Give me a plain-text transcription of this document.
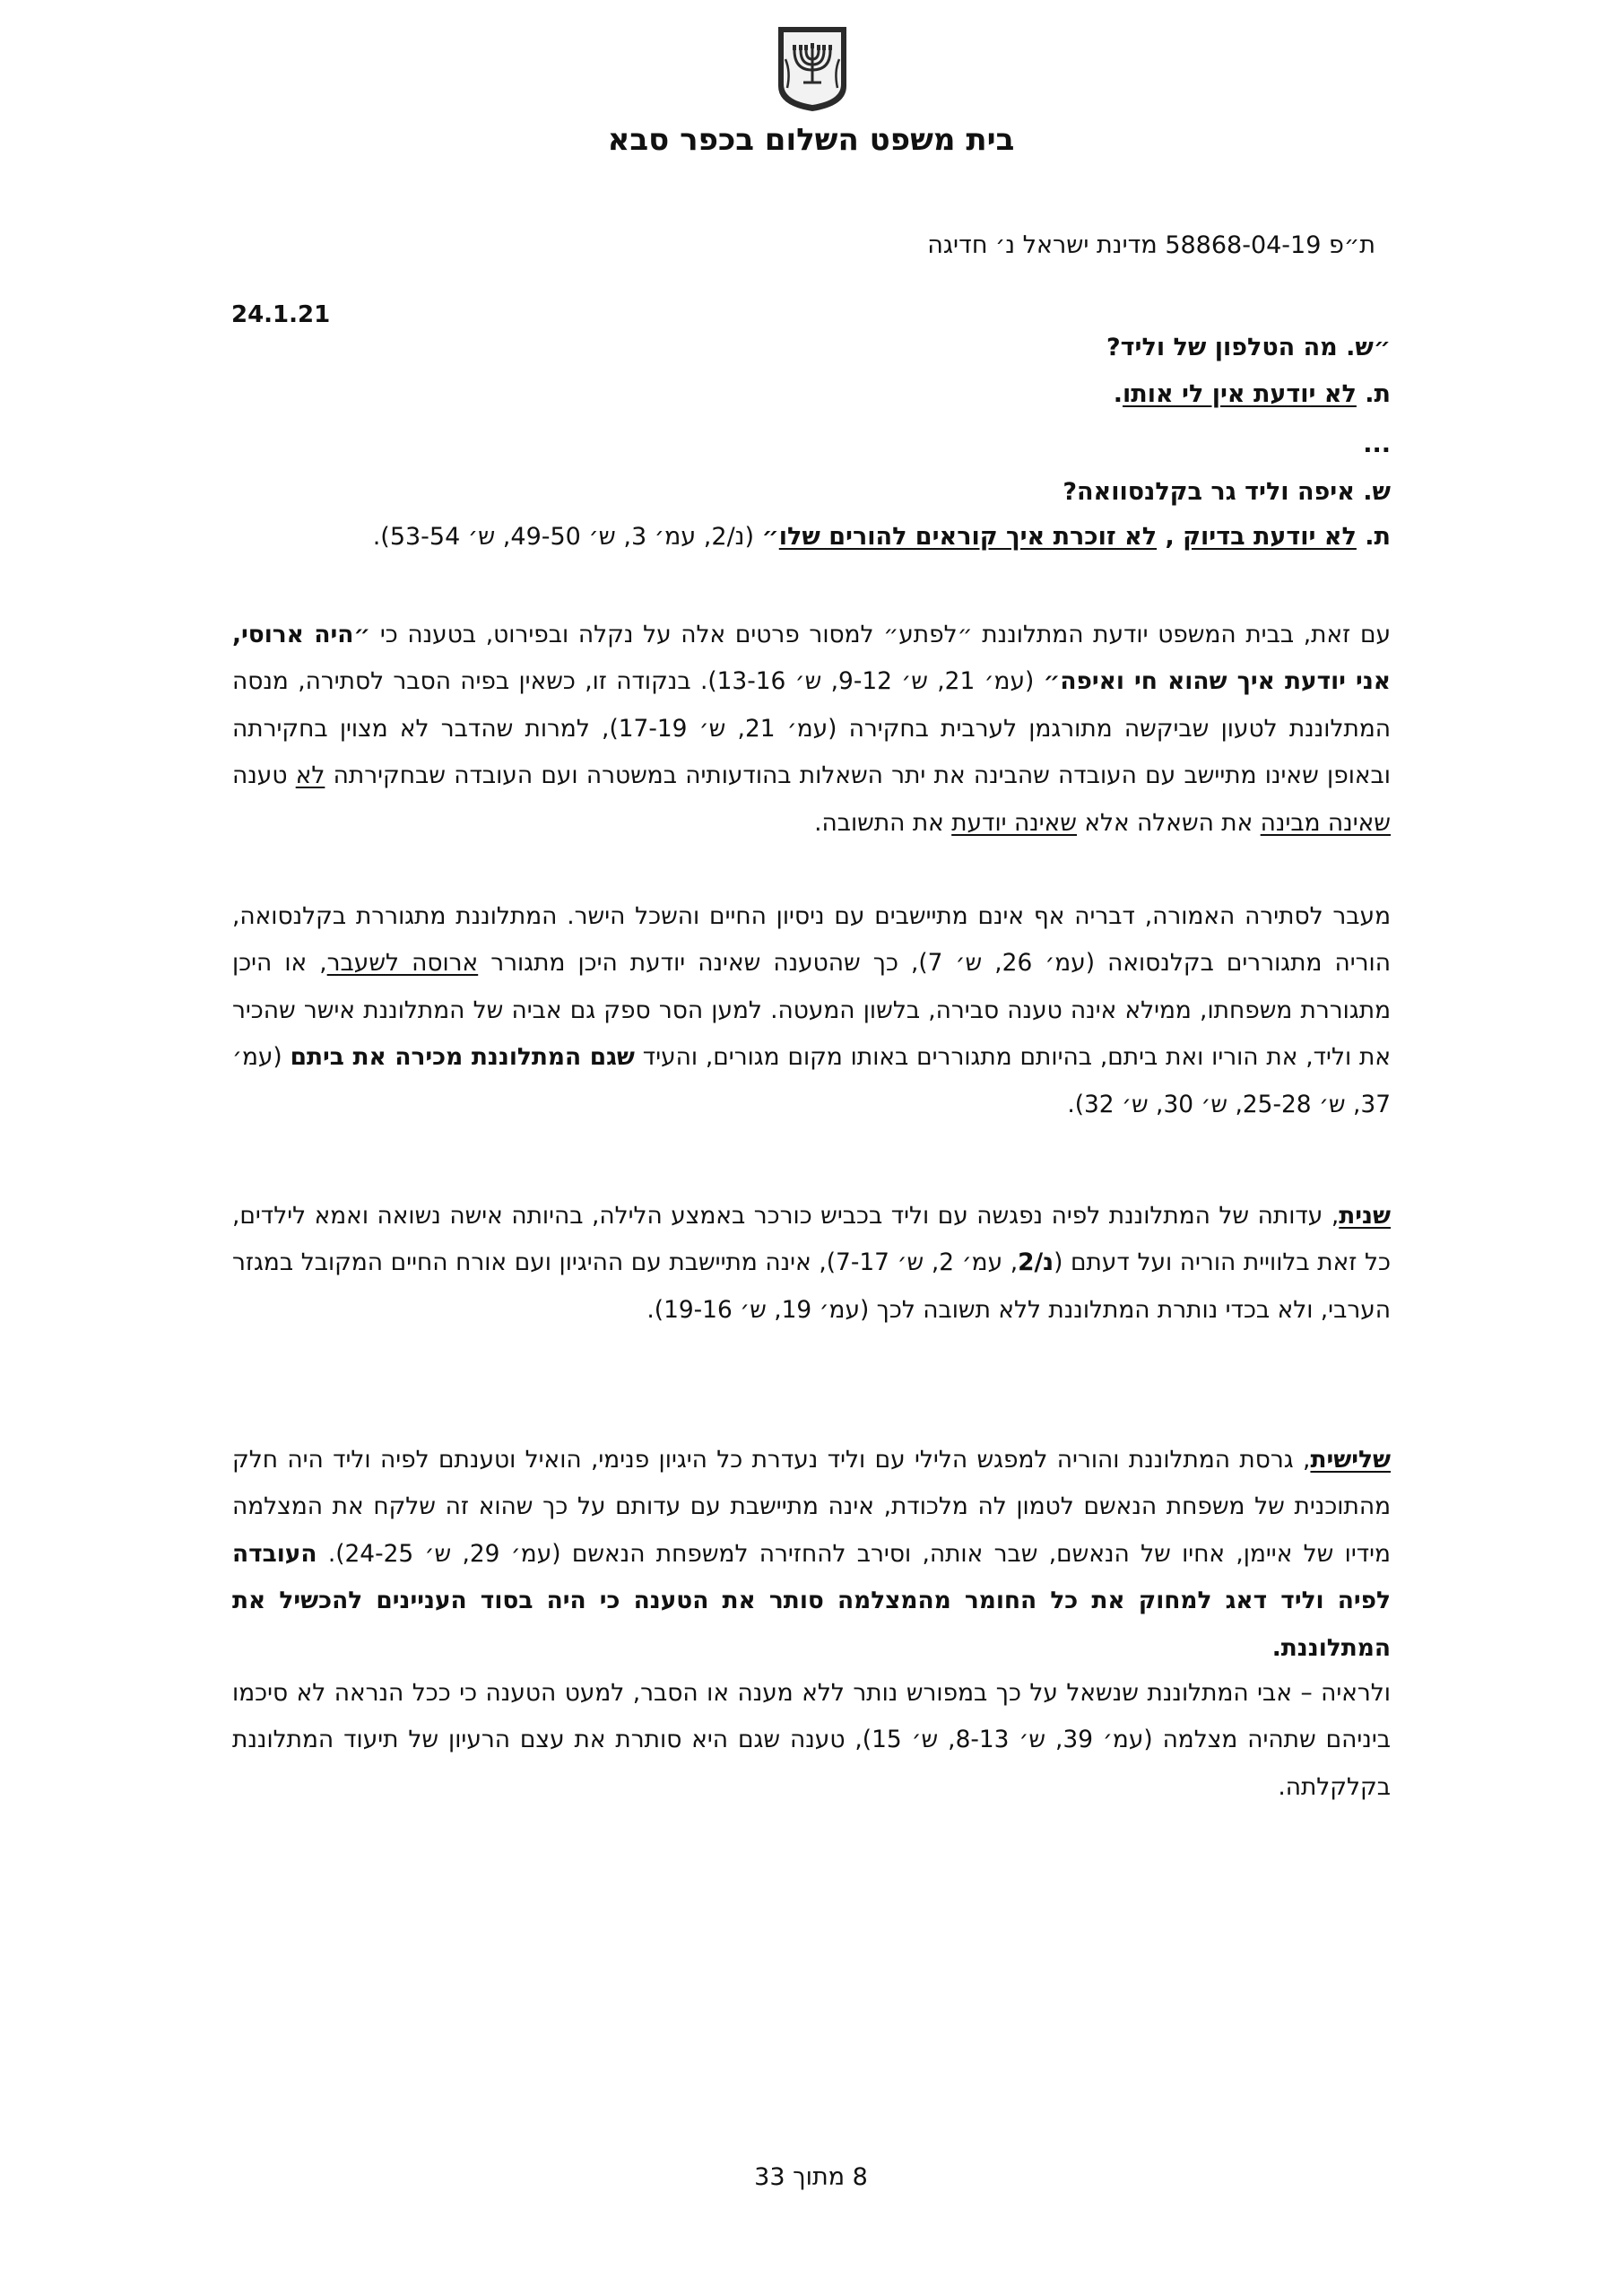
בית משפט השלום בכפר סבא
ת״פ 58868-04-19 מדינת ישראל נ׳ חדיגה
24.1.21
״ש. מה הטלפון של וליד?
ת. לא יודעת אין לי אותו.
...
ש. איפה וליד גר בקלנסוואה?
ת. לא יודעת בדיוק , לא זוכרת איך קוראים להורים שלו״ (נ/2, עמ׳ 3, ש׳ 49-50, ש׳ 53-54).
עם זאת, בבית המשפט יודעת המתלוננת ״לפתע״ למסור פרטים אלה על נקלה ובפירוט, בטענה כי ״היה ארוסי, אני יודעת איך שהוא חי ואיפה״ (עמ׳ 21, ש׳ 9-12, ש׳ 13-16). בנקודה זו, כשאין בפיה הסבר לסתירה, מנסה המתלוננת לטעון שביקשה מתורגמן לערבית בחקירה (עמ׳ 21, ש׳ 17-19), למרות שהדבר לא מצוין בחקירתה ובאופן שאינו מתיישב עם העובדה שהבינה את יתר השאלות בהודעותיה במשטרה ועם העובדה שבחקירתה לא טענה שאינה מבינה את השאלה אלא שאינה יודעת את התשובה.
מעבר לסתירה האמורה, דבריה אף אינם מתיישבים עם ניסיון החיים והשכל הישר. המתלוננת מתגוררת בקלנסואה, הוריה מתגוררים בקלנסואה (עמ׳ 26, ש׳ 7), כך שהטענה שאינה יודעת היכן מתגורר ארוסה לשעבר, או היכן מתגוררת משפחתו, ממילא אינה טענה סבירה, בלשון המעטה. למען הסר ספק גם אביה של המתלוננת אישר שהכיר את וליד, את הוריו ואת ביתם, בהיותם מתגוררים באותו מקום מגורים, והעיד שגם המתלוננת מכירה את ביתם (עמ׳ 37, ש׳ 25-28, ש׳ 30, ש׳ 32).
שנית, עדותה של המתלוננת לפיה נפגשה עם וליד בכביש כורכר באמצע הלילה, בהיותה אישה נשואה ואמא לילדים, כל זאת בלוויית הוריה ועל דעתם (נ/2, עמ׳ 2, ש׳ 7-17), אינה מתיישבת עם ההיגיון ועם אורח החיים המקובל במגזר הערבי, ולא בכדי נותרת המתלוננת ללא תשובה לכך (עמ׳ 19, ש׳ 19-16).
שלישית, גרסת המתלוננת והוריה למפגש הלילי עם וליד נעדרת כל היגיון פנימי, הואיל וטענתם לפיה וליד היה חלק מהתוכנית של משפחת הנאשם לטמון לה מלכודת, אינה מתיישבת עם עדותם על כך שהוא זה שלקח את המצלמה מידיו של איימן, אחיו של הנאשם, שבר אותה, וסירב להחזירה למשפחת הנאשם (עמ׳ 29, ש׳ 24-25). העובדה לפיה וליד דאג למחוק את כל החומר מהמצלמה סותר את הטענה כי היה בסוד העניינים להכשיל את המתלוננת.
ולראיה – אבי המתלוננת שנשאל על כך במפורש נותר ללא מענה או הסבר, למעט הטענה כי ככל הנראה לא סיכמו ביניהם שתהיה מצלמה (עמ׳ 39, ש׳ 8-13, ש׳ 15), טענה שגם היא סותרת את עצם הרעיון של תיעוד המתלוננת בקלקלתה.
8 מתוך 33
